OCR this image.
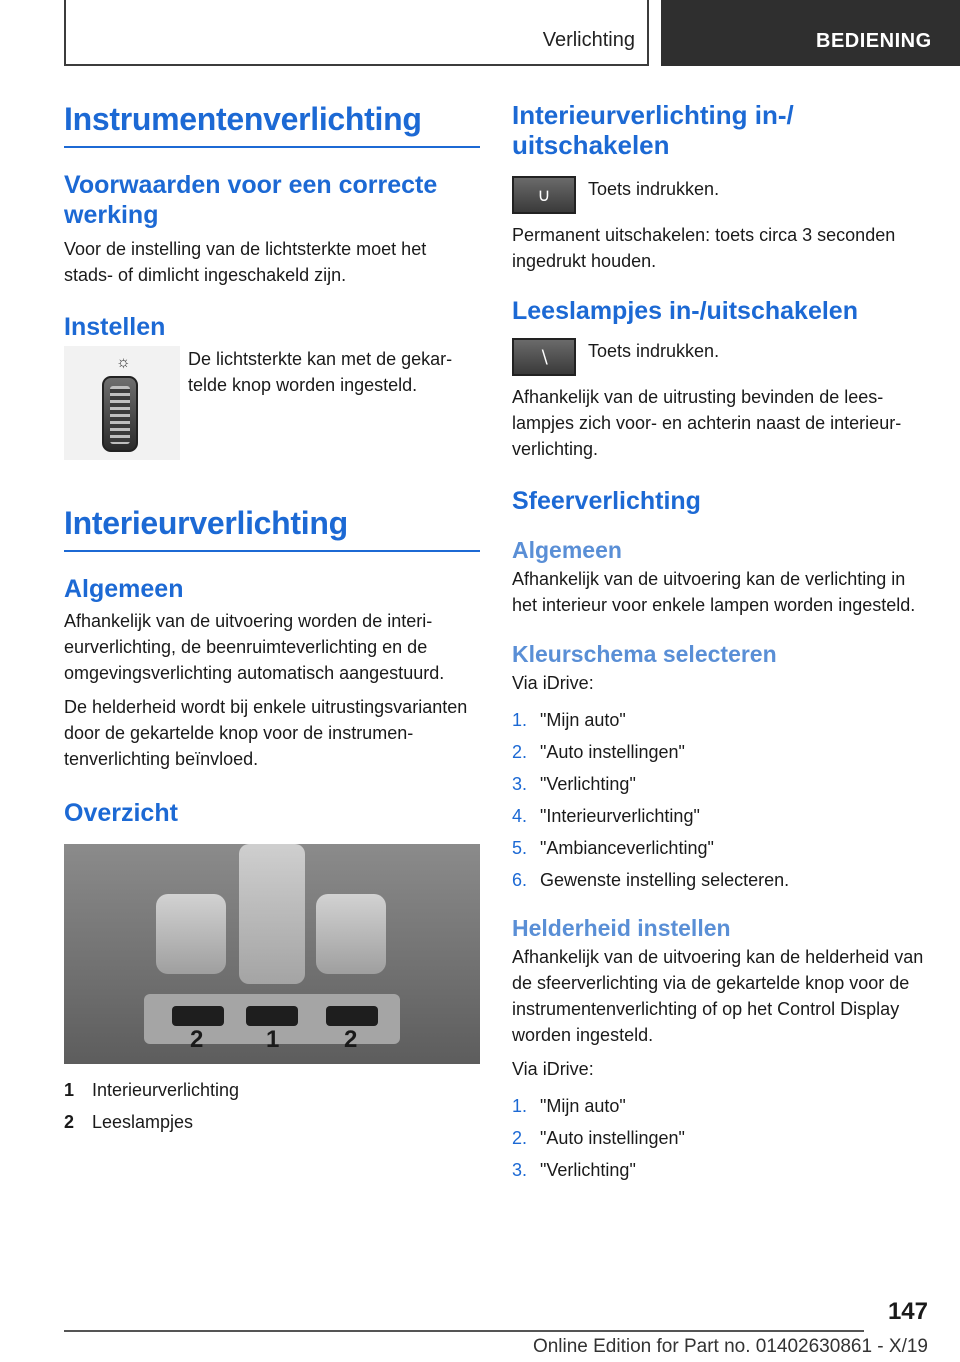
Verlichting	BEDIENING
Instrumentenverlichting
Voorwaarden voor een correcte werking
Voor de instelling van de lichtsterkte moet het stads- of dimlicht ingeschakeld zijn.
Instellen
☼	De lichtsterkte kan met de gekartelde knop worden ingesteld.
Interieurverlichting
Algemeen
Afhankelijk van de uitvoering worden de interieurverlichting, de beenruimteverlichting en de omgevingsverlichting automatisch aangestuurd.
De helderheid wordt bij enkele uitrustingsvarianten door de gekartelde knop voor de instrumentenverlichting beïnvloed.
Overzicht
2	1	2
1 Interieurverlichting
2 Leeslampjes
Interieurverlichting in-/ uitschakelen
∪	Toets indrukken.
Permanent uitschakelen: toets circa 3 seconden ingedrukt houden.
Leeslampjes in-/uitschakelen
∖	Toets indrukken.
Afhankelijk van de uitrusting bevinden de leeslampjes zich voor- en achterin naast de interieurverlichting.
Sfeerverlichting
Algemeen
Afhankelijk van de uitvoering kan de verlichting in het interieur voor enkele lampen worden ingesteld.
Kleurschema selecteren
Via iDrive:
1. "Mijn auto"
2. "Auto instellingen"
3. "Verlichting"
4. "Interieurverlichting"
5. "Ambianceverlichting"
6. Gewenste instelling selecteren.
Helderheid instellen
Afhankelijk van de uitvoering kan de helderheid van de sfeerverlichting via de gekartelde knop voor de instrumentenverlichting of op het Control Display worden ingesteld.
Via iDrive:
1. "Mijn auto"
2. "Auto instellingen"
3. "Verlichting"
147
Online Edition for Part no. 01402630861 - X/19
